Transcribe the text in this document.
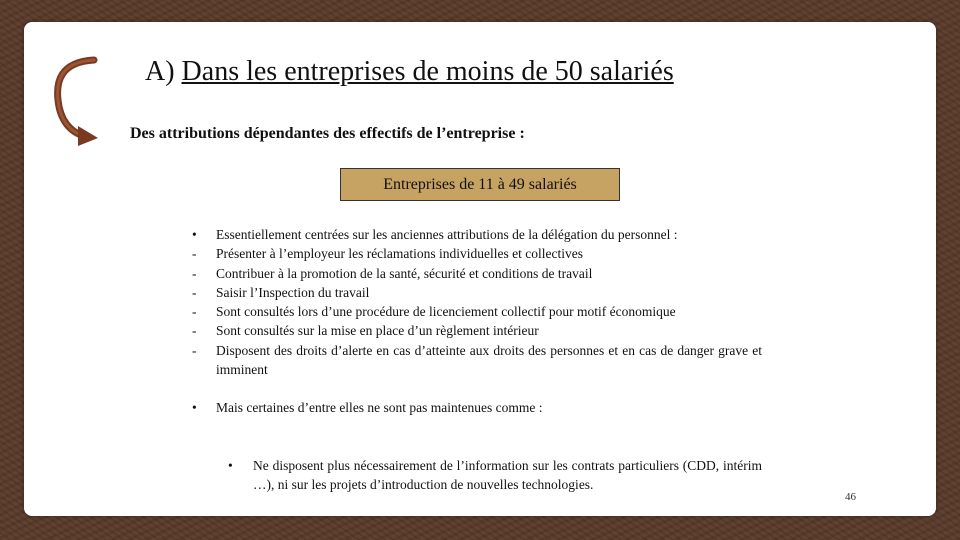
A) Dans les entreprises de moins de 50 salariés
Des attributions dépendantes des effectifs de l’entreprise :
Entreprises de 11 à 49 salariés
• Essentiellement centrées sur les anciennes attributions de la délégation du personnel :
- Présenter à l’employeur les réclamations individuelles et collectives
- Contribuer à la promotion de la santé, sécurité et conditions de travail
- Saisir l’Inspection du travail
- Sont consultés lors d’une procédure de licenciement collectif pour motif économique
- Sont consultés sur la mise en place d’un règlement intérieur
- Disposent des droits d’alerte en cas d’atteinte aux droits des personnes et en cas de danger grave et imminent
• Mais certaines d’entre elles ne sont pas maintenues comme :
• Ne disposent plus nécessairement de l’information sur les contrats particuliers (CDD, intérim …), ni sur les projets d’introduction de nouvelles technologies.
46
